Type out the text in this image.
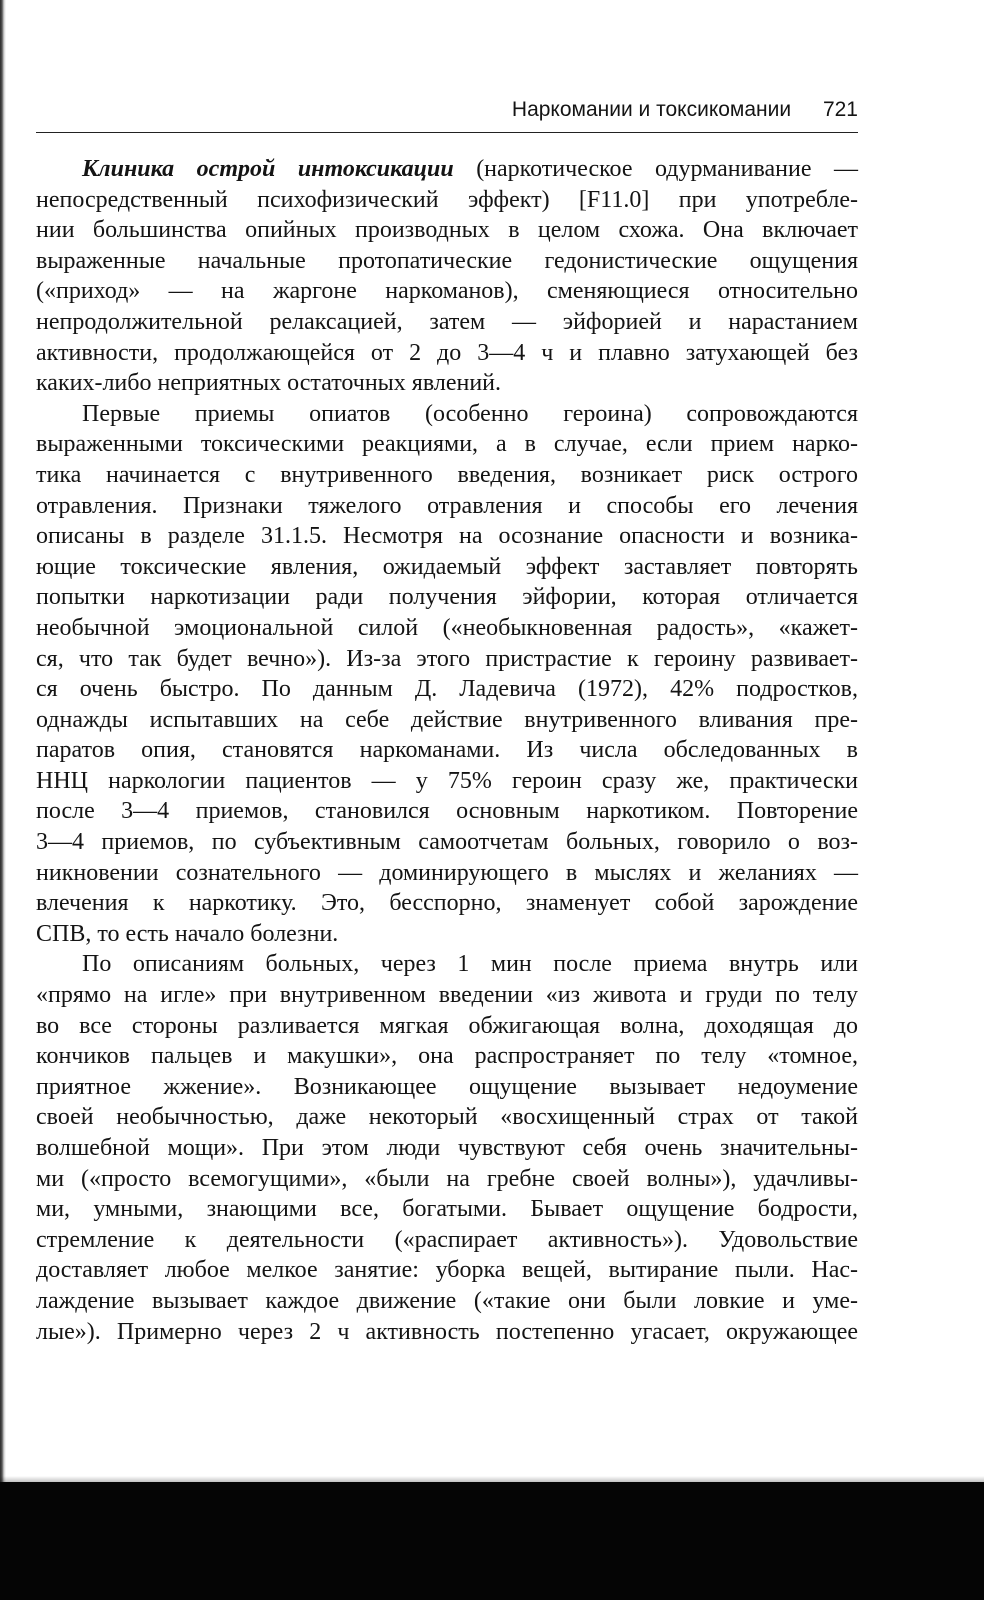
Наркомании и токсикомании 721
Клиника острой интоксикации (наркотическое одурманивание —
непосредственный психофизический эффект) [F11.0] при употребле-
нии большинства опийных производных в целом схожа. Она включает
выраженные начальные протопатические гедонистические ощущения
(«приход» — на жаргоне наркоманов), сменяющиеся относительно
непродолжительной релаксацией, затем — эйфорией и нарастанием
активности, продолжающейся от 2 до 3—4 ч и плавно затухающей без
каких-либо неприятных остаточных явлений.
Первые приемы опиатов (особенно героина) сопровождаются
выраженными токсическими реакциями, а в случае, если прием нарко-
тика начинается с внутривенного введения, возникает риск острого
отравления. Признаки тяжелого отравления и способы его лечения
описаны в разделе 31.1.5. Несмотря на осознание опасности и возника-
ющие токсические явления, ожидаемый эффект заставляет повторять
попытки наркотизации ради получения эйфории, которая отличается
необычной эмоциональной силой («необыкновенная радость», «кажет-
ся, что так будет вечно»). Из-за этого пристрастие к героину развивает-
ся очень быстро. По данным Д. Ладевича (1972), 42% подростков,
однажды испытавших на себе действие внутривенного вливания пре-
паратов опия, становятся наркоманами. Из числа обследованных в
ННЦ наркологии пациентов — у 75% героин сразу же, практически
после 3—4 приемов, становился основным наркотиком. Повторение
3—4 приемов, по субъективным самоотчетам больных, говорило о воз-
никновении сознательного — доминирующего в мыслях и желаниях —
влечения к наркотику. Это, бесспорно, знаменует собой зарождение
СПВ, то есть начало болезни.
По описаниям больных, через 1 мин после приема внутрь или
«прямо на игле» при внутривенном введении «из живота и груди по телу
во все стороны разливается мягкая обжигающая волна, доходящая до
кончиков пальцев и макушки», она распространяет по телу «томное,
приятное жжение». Возникающее ощущение вызывает недоумение
своей необычностью, даже некоторый «восхищенный страх от такой
волшебной мощи». При этом люди чувствуют себя очень значительны-
ми («просто всемогущими», «были на гребне своей волны»), удачливы-
ми, умными, знающими все, богатыми. Бывает ощущение бодрости,
стремление к деятельности («распирает активность»). Удовольствие
доставляет любое мелкое занятие: уборка вещей, вытирание пыли. Нас-
лаждение вызывает каждое движение («такие они были ловкие и уме-
лые»). Примерно через 2 ч активность постепенно угасает, окружающее
